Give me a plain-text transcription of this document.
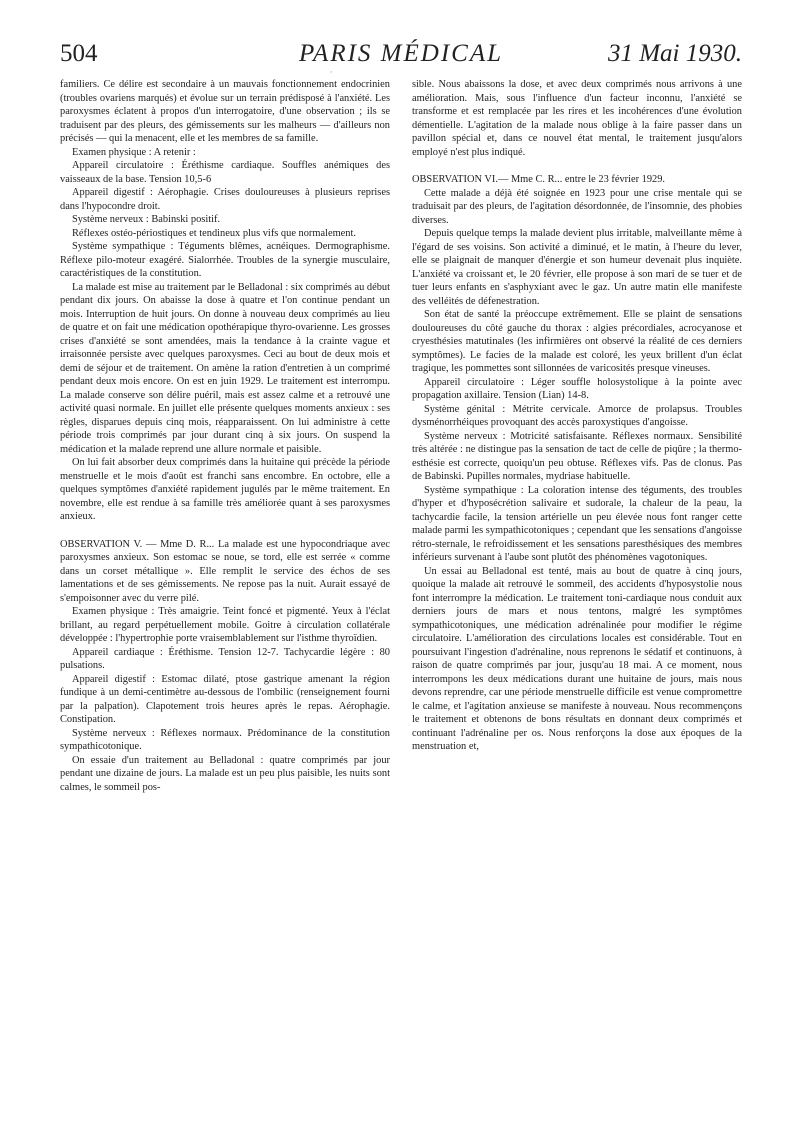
504	PARIS MÉDICAL	31 Mai 1930.
·

familiers. Ce délire est secondaire à un mauvais fonctionnement endocrinien (troubles ovariens marqués) et évolue sur un terrain prédisposé à l'anxiété. Les paroxysmes éclatent à propos d'un interrogatoire, d'une observation ; ils se traduisent par des pleurs, des gémissements sur les malheurs — d'ailleurs non précisés — qui la menacent, elle et les membres de sa famille.

Examen physique : A retenir :

Appareil circulatoire : Éréthisme cardiaque. Souffles anémiques des vaisseaux de la base. Tension 10,5-6

Appareil digestif : Aérophagie. Crises douloureuses à plusieurs reprises dans l'hypocondre droit.

Système nerveux : Babinski positif.

Réflexes ostéo-périostiques et tendineux plus vifs que normalement.

Système sympathique : Téguments blêmes, acnéiques. Dermographisme. Réflexe pilo-moteur exagéré. Sialorrhée. Troubles de la synergie musculaire, caractéristiques de la constitution.

La malade est mise au traitement par le Belladonal : six comprimés au début pendant dix jours. On abaisse la dose à quatre et l'on continue pendant un mois. Interruption de huit jours. On donne à nouveau deux comprimés au lieu de quatre et on fait une médication opothérapique thyro-ovarienne. Les grosses crises d'anxiété se sont amendées, mais la tendance à la crainte vague et irraisonnée persiste avec quelques paroxysmes. Ceci au bout de deux mois et demi de séjour et de traitement. On amène la ration d'entretien à un comprimé pendant deux mois encore. On est en juin 1929. Le traitement est interrompu. La malade conserve son délire puéril, mais est assez calme et a retrouvé une activité quasi normale. En juillet elle présente quelques moments anxieux : ses règles, disparues depuis cinq mois, réapparaissent. On lui administre à cette période trois comprimés par jour durant cinq à six jours. On suspend la médication et la malade reprend une allure normale et paisible.

On lui fait absorber deux comprimés dans la huitaine qui précède la période menstruelle et le mois d'août est franchi sans encombre. En octobre, elle a quelques symptômes d'anxiété rapidement jugulés par le même traitement. En novembre, elle est rendue à sa famille très améliorée quant à ses paroxysmes anxieux.

OBSERVATION V. — Mme D. R... La malade est une hypocondriaque avec paroxysmes anxieux. Son estomac se noue, se tord, elle est serrée « comme dans un corset métallique ». Elle remplit le service des échos de ses lamentations et de ses gémissements. Ne repose pas la nuit. Aurait essayé de s'empoisonner avec du verre pilé.

Examen physique : Très amaigrie. Teint foncé et pigmenté. Yeux à l'éclat brillant, au regard perpétuellement mobile. Goitre à circulation collatérale développée : l'hypertrophie porte vraisemblablement sur l'isthme thyroïdien.

Appareil cardiaque : Éréthisme. Tension 12-7. Tachycardie légère : 80 pulsations.

Appareil digestif : Estomac dilaté, ptose gastrique amenant la région fundique à un demi-centimètre au-dessous de l'ombilic (renseignement fourni par la palpation). Clapotement trois heures après le repas. Aérophagie. Constipation.

Système nerveux : Réflexes normaux. Prédominance de la constitution sympathicotonique.

On essaie d'un traitement au Belladonal : quatre comprimés par jour pendant une dizaine de jours. La malade est un peu plus paisible, les nuits sont calmes, le sommeil pos-

sible. Nous abaissons la dose, et avec deux comprimés nous arrivons à une amélioration. Mais, sous l'influence d'un facteur inconnu, l'anxiété se transforme et est remplacée par les rires et les incohérences d'une évolution démentielle. L'agitation de la malade nous oblige à la faire passer dans un pavillon spécial et, dans ce nouvel état mental, le traitement jusqu'alors employé n'est plus indiqué.

OBSERVATION VI.— Mme C. R... entre le 23 février 1929.

Cette malade a déjà été soignée en 1923 pour une crise mentale qui se traduisait par des pleurs, de l'agitation désordonnée, de l'insomnie, des phobies diverses.

Depuis quelque temps la malade devient plus irritable, malveillante même à l'égard de ses voisins. Son activité a diminué, et le matin, à l'heure du lever, elle se plaignait de manquer d'énergie et son humeur devenait plus inquiète. L'anxiété va croissant et, le 20 février, elle propose à son mari de se tuer et de tuer leurs enfants en s'asphyxiant avec le gaz. Un autre matin elle manifeste des velléités de défenestration.

Son état de santé la préoccupe extrêmement. Elle se plaint de sensations douloureuses du côté gauche du thorax : algies précordiales, acrocyanose et cryesthésies matutinales (les infirmières ont observé la réalité de ces derniers symptômes). Le facies de la malade est coloré, les yeux brillent d'un éclat tragique, les pommettes sont sillonnées de varicosités presque vineuses.

Appareil circulatoire : Léger souffle holosystolique à la pointe avec propagation axillaire. Tension (Lian) 14-8.

Système génital : Métrite cervicale. Amorce de prolapsus. Troubles dysménorrhéiques provoquant des accès paroxystiques d'angoisse.

Système nerveux : Motricité satisfaisante. Réflexes normaux. Sensibilité très altérée : ne distingue pas la sensation de tact de celle de piqûre ; la thermo-esthésie est correcte, quoiqu'un peu obtuse. Réflexes vifs. Pas de clonus. Pas de Babinski. Pupilles normales, mydriase habituelle.

Système sympathique : La coloration intense des téguments, des troubles d'hyper et d'hyposécrétion salivaire et sudorale, la chaleur de la peau, la tachycardie facile, la tension artérielle un peu élevée nous font ranger cette malade parmi les sympathicotoniques ; cependant que les sensations d'angoisse rétro-sternale, le refroidissement et les sensations paresthésiques des membres inférieurs survenant à l'aube sont plutôt des phénomènes vagotoniques.

Un essai au Belladonal est tenté, mais au bout de quatre à cinq jours, quoique la malade ait retrouvé le sommeil, des accidents d'hyposystolie nous font interrompre la médication. Le traitement toni-cardiaque nous conduit aux derniers jours de mars et nous tentons, malgré les symptômes sympathicotoniques, une médication adrénalinée pour modifier le régime circulatoire. L'amélioration des circulations locales est considérable. Tout en poursuivant l'ingestion d'adrénaline, nous reprenons le sédatif et continuons, à raison de quatre comprimés par jour, jusqu'au 18 mai. A ce moment, nous interrompons les deux médications durant une huitaine de jours, mais nous devons reprendre, car une période menstruelle difficile est venue compromettre le calme, et l'agitation anxieuse se manifeste à nouveau. Nous recommençons le traitement et obtenons de bons résultats en donnant deux comprimés et continuant l'adrénaline per os. Nous renforçons la dose aux époques de la menstruation et,
